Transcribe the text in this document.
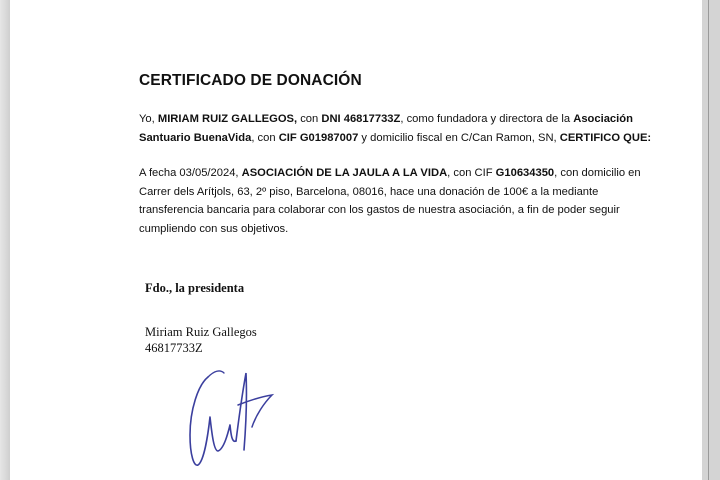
CERTIFICADO DE DONACIÓN

Yo, MIRIAM RUIZ GALLEGOS, con DNI 46817733Z, como fundadora y directora de la Asociación Santuario BuenaVida, con CIF G01987007 y domicilio fiscal en C/Can Ramon, SN, CERTIFICO QUE:

A fecha 03/05/2024, ASOCIACIÓN DE LA JAULA A LA VIDA, con CIF G10634350, con domicilio en Carrer dels Arítjols, 63, 2º piso, Barcelona, 08016, hace una donación de 100€ a la mediante transferencia bancaria para colaborar con los gastos de nuestra asociación, a fin de poder seguir cumpliendo con sus objetivos.

Fdo., la presidenta

Miriam Ruiz Gallegos

46817733Z
